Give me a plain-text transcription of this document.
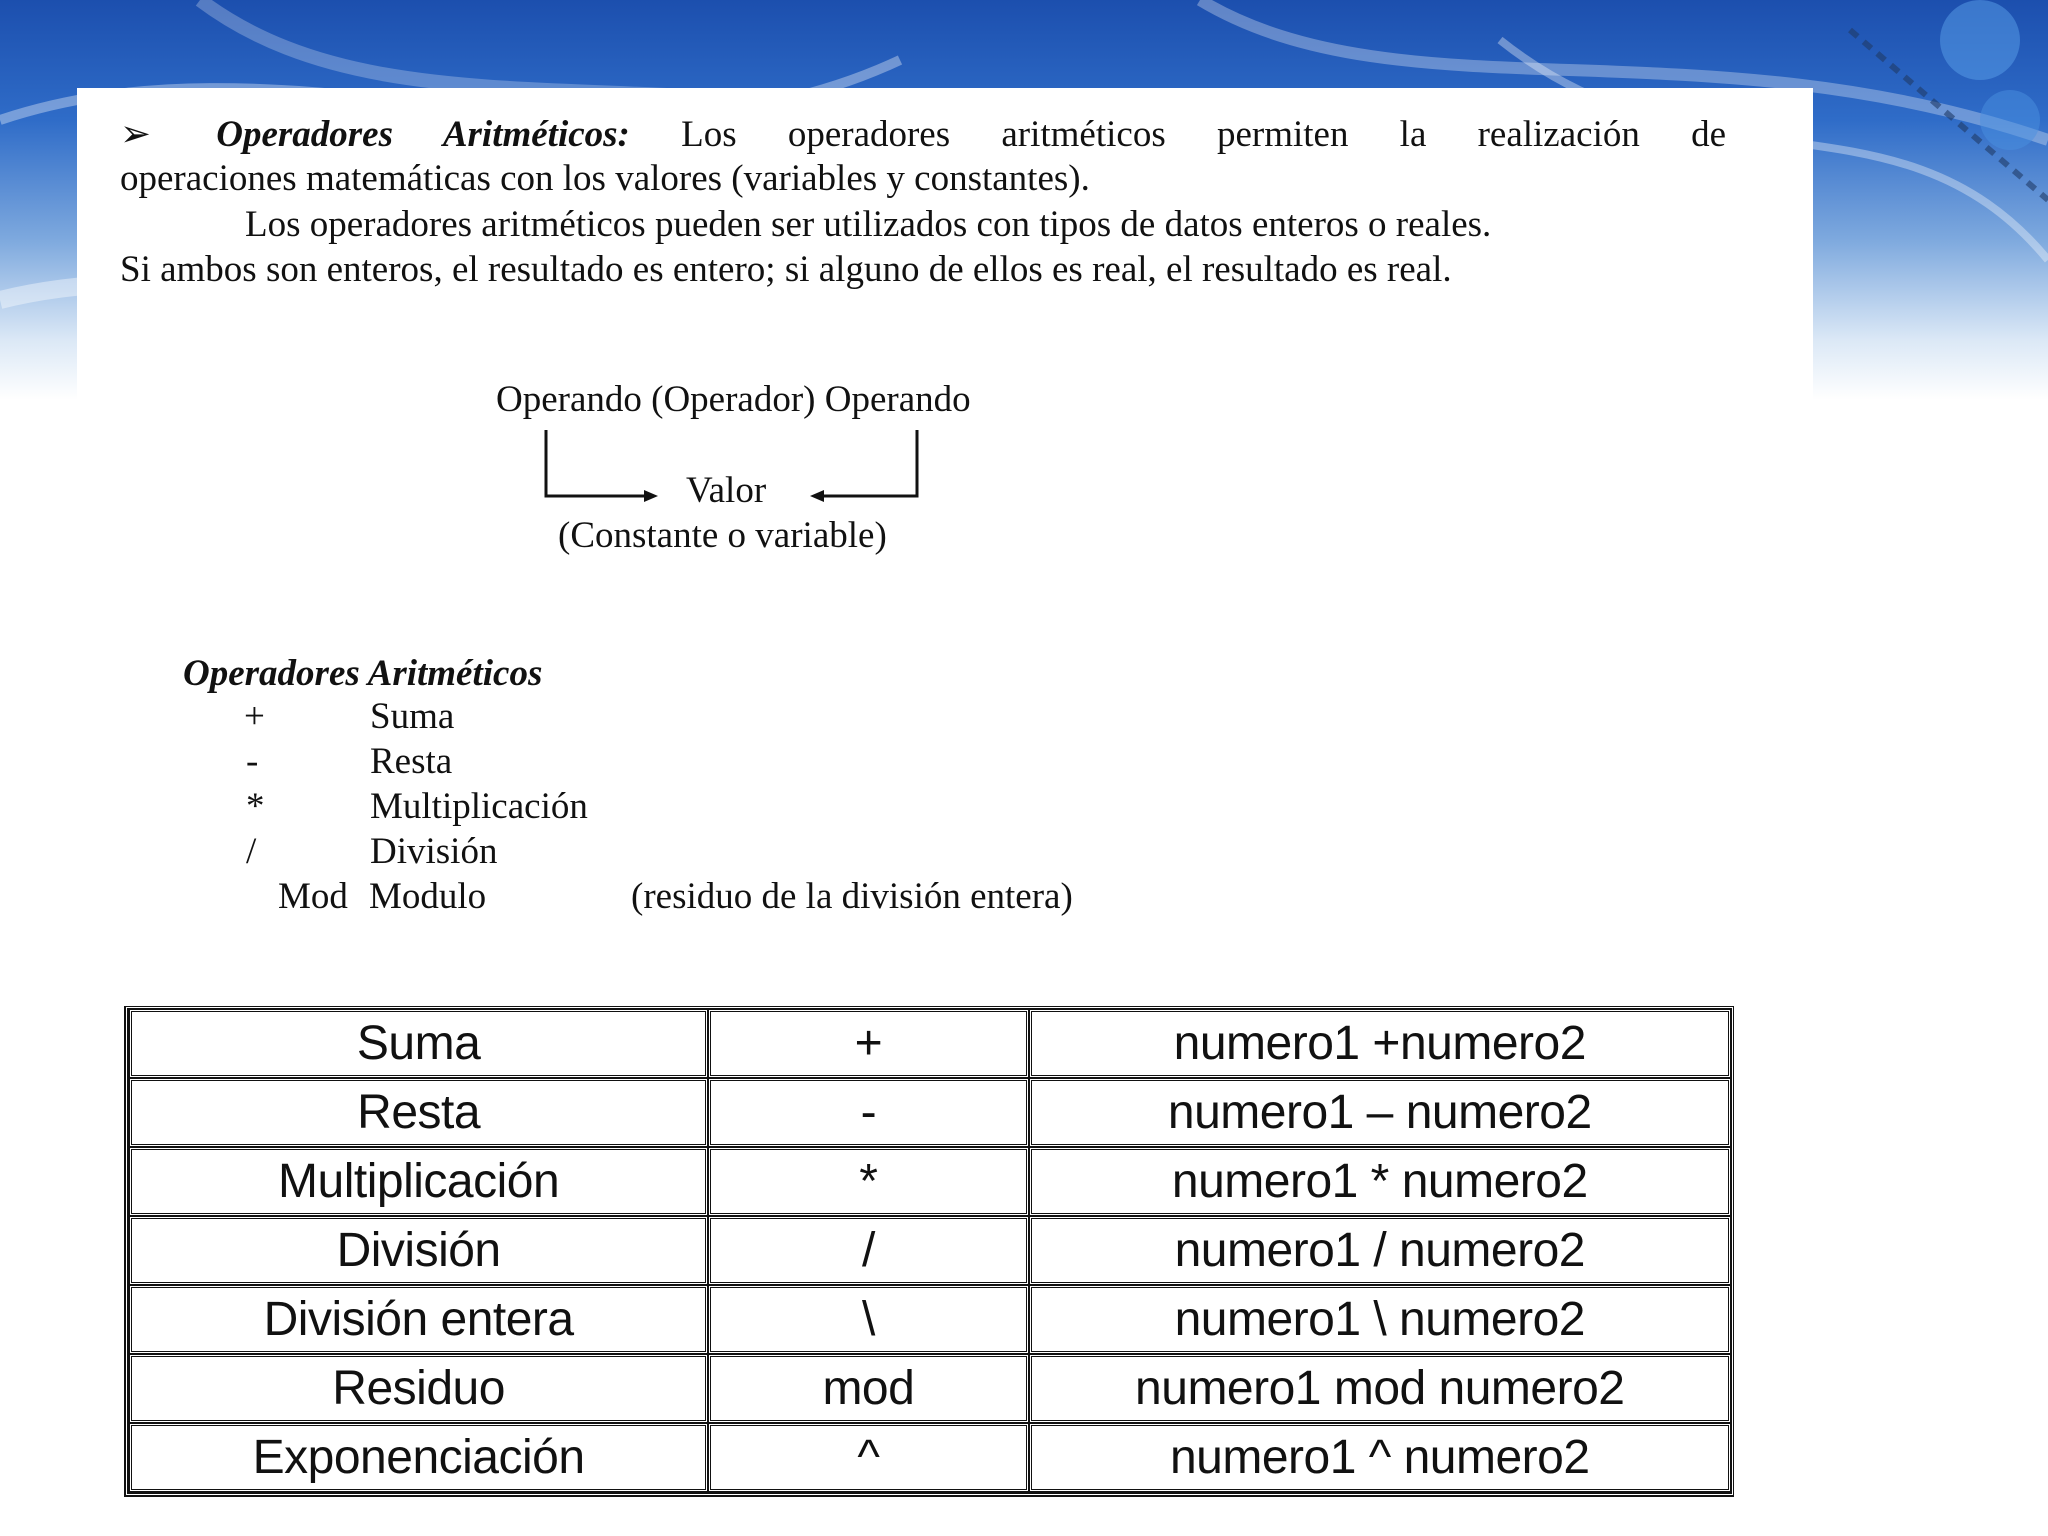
➢ Operadores Aritméticos: Los operadores aritméticos permiten la realización de
operaciones matemáticas con los valores (variables y constantes).
Los operadores aritméticos pueden ser utilizados con tipos de datos enteros o reales.
Si ambos son enteros, el resultado es entero; si alguno de ellos es real, el resultado es real.
Operando (Operador) Operando
Valor
(Constante o variable)
Operadores Aritméticos
+	Suma
-	Resta
*	Multiplicación
/	División
Mod Modulo	(residuo de la división entera)
Suma	+	numero1 +numero2
Resta	-	numero1 – numero2
Multiplicación	*	numero1 * numero2
División	/	numero1 / numero2
División entera	\	numero1 \ numero2
Residuo	mod	numero1 mod numero2
Exponenciación	^	numero1 ^ numero2
